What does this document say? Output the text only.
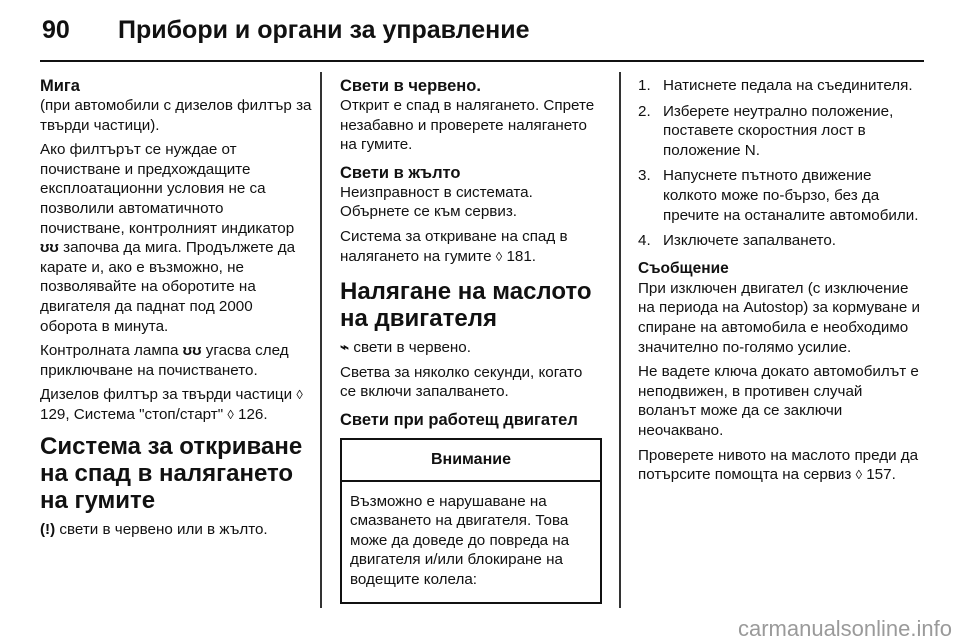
90 Прибори и органи за управление
Мига

(при автомобили с дизелов филтър за твърди частици).

Ако филтърът се нуждае от почистване и предхождащите експлоатационни условия не са позволили автоматичното почистване, контролният индикатор ʊʊ започва да мига. Продължете да карате и, ако е възможно, не позволявайте на оборотите на двигателя да паднат под 2000 оборота в минута.

Контролната лампа ʊʊ угасва след приключване на почистването.

Дизелов филтър за твърди частици ◊ 129, Система "стоп/старт" ◊ 126.

Система за откриване на спад в налягането на гумите

(!) свети в червено или в жълто.

Свети в червено.

Открит е спад в налягането. Спрете незабавно и проверете налягането на гумите.

Свети в жълто

Неизправност в системата. Обърнете се към сервиз.

Система за откриване на спад в налягането на гумите ◊ 181.

Налягане на маслото на двигателя

⌁ свети в червено.

Светва за няколко секунди, когато се включи запалването.

Свети при работещ двигател
Внимание
Възможно е нарушаване на смазването на двигателя. Това може да доведе до повреда на двигателя и/или блокиране на водещите колела:
1. Натиснете педала на съединителя.
2. Изберете неутрално положение, поставете скоростния лост в положение N.
3. Напуснете пътното движение колкото може по-бързо, без да пречите на останалите автомобили.
4. Изключете запалването.
Съобщение

При изключен двигател (с изключение на периода на Autostop) за кормуване и спиране на автомобила е необходимо значително по-голямо усилие.

Не вадете ключа докато автомобилът е неподвижен, в противен случай воланът може да се заключи неочаквано.

Проверете нивото на маслото преди да потърсите помощта на сервиз ◊ 157.

carmanualsonline.info
